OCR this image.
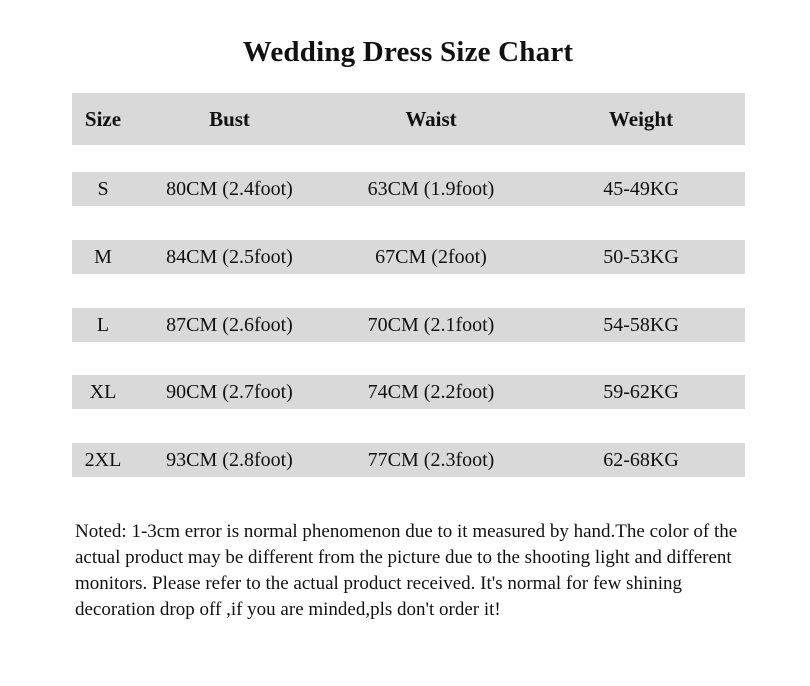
Wedding Dress Size Chart
Size	Bust	Waist	Weight
S	80CM (2.4foot)	63CM (1.9foot)	45-49KG
M	84CM (2.5foot)	67CM (2foot)	50-53KG
L	87CM (2.6foot)	70CM (2.1foot)	54-58KG
XL	90CM (2.7foot)	74CM (2.2foot)	59-62KG
2XL	93CM (2.8foot)	77CM (2.3foot)	62-68KG
Noted: 1-3cm error is normal phenomenon due to it measured by hand.The color of the actual product may be different from the picture due to the shooting light and different monitors. Please refer to the actual product received. It's normal for few shining decoration drop off ,if you are minded,pls don't order it!
